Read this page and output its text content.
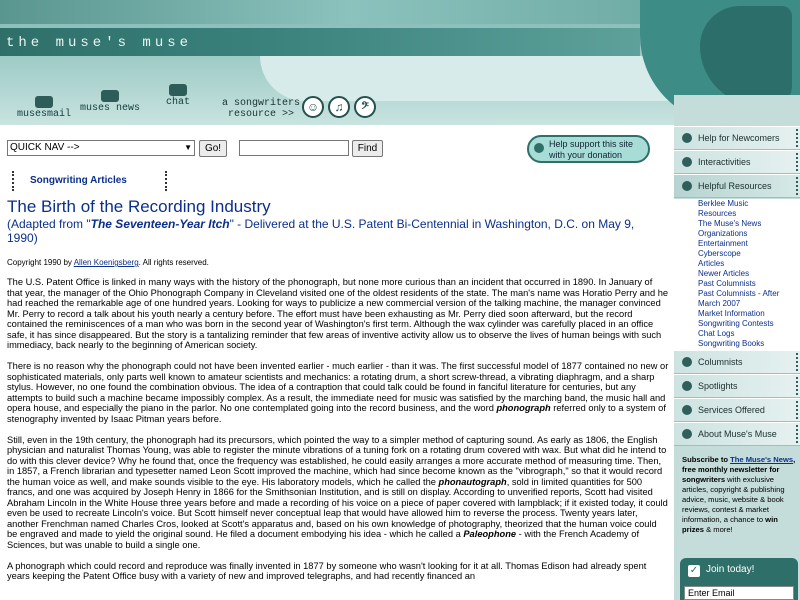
the muse's muse
musesmail
muses news
chat	a songwriters
resource >>
☺	♫	𝄢
QUICK NAV -->	▼	Go!	Find	Help support this site
with your donation
Songwriting Articles
The Birth of the Recording Industry
(Adapted from "The Seventeen-Year Itch" - Delivered at the U.S. Patent Bi-Centennial in Washington, D.C. on May 9, 1990)
Copyright 1990 by Allen Koenigsberg. All rights reserved.

The U.S. Patent Office is linked in many ways with the history of the phonograph, but none more curious than an incident that occurred in 1890. In January of that year, the manager of the Ohio Phonograph Company in Cleveland visited one of the oldest residents of the state. The man's name was Horatio Perry and he had reached the remarkable age of one hundred years. Looking for ways to publicize a new commercial version of the talking machine, the manager convinced Mr. Perry to record a talk about his youth nearly a century before. The effort must have been exhausting as Mr. Perry died soon afterward, but the record contained the reminiscences of a man who was born in the second year of Washington's first term. Although the wax cylinder was carefully placed in an office safe, it has since disappeared. But the story is a tantalizing reminder that few areas of inventive activity allow us to observe the lives of human beings with such immediacy, back nearly to the beginning of American society.

There is no reason why the phonograph could not have been invented earlier - much earlier - than it was. The first successful model of 1877 contained no new or sophisticated materials, only parts well known to amateur scientists and mechanics: a rotating drum, a short screw-thread, a vibrating diaphragm, and a sharp stylus. However, no one found the combination obvious. The idea of a contraption that could talk could be found in fanciful literature for centuries, but any attempts to build such a machine became impossibly complex. As a result, the immediate need for music was satisfied by the marching band, the music hall and opera house, and especially the piano in the parlor. No one contemplated going into the record business, and the word phonograph referred only to a system of stenography invented by Isaac Pitman years before.

Still, even in the 19th century, the phonograph had its precursors, which pointed the way to a simpler method of capturing sound. As early as 1806, the English physician and naturalist Thomas Young, was able to register the minute vibrations of a tuning fork on a rotating drum covered with wax. But what did he intend to do with this clever device? Why he found that, once the frequency was established, he could easily arranges a more accurate method of measuring time. Then, in 1857, a French librarian and typesetter named Leon Scott improved the machine, which had since become known as the "vibrograph," so that it would record the human voice as well, and make sounds visible to the eye. His laboratory models, which he called the phonautograph, sold in limited quantities for 500 francs, and one was acquired by Joseph Henry in 1866 for the Smithsonian Institution, and is still on display. According to unverified reports, Scott had visited Abraham Lincoln in the White House three years before and made a recording of his voice on a piece of paper covered with lampblack; if it existed today, it could even be used to recreate Lincoln's voice. But Scott himself never conceptual leap that would have allowed him to reverse the process. Twenty years later, another Frenchman named Charles Cros, looked at Scott's apparatus and, based on his own knowledge of photography, theorized that the human voice could be engraved and made to yield the original sound. He filed a document embodying his idea - which he called a Paleophone - with the French Academy of Sciences, but was unable to build a single one.

A phonograph which could record and reproduce was finally invented in 1877 by someone who wasn't looking for it at all. Thomas Edison had already spent years keeping the Patent Office busy with a variety of new and improved telegraphs, and had recently financed an

Help for Newcomers
Interactivities
Helpful Resources
Columnists
Spotlights
Services Offered
About Muse's Muse
Berklee Music
Resources
The Muse's News
Organizations
Entertainment
Cyberscope
Articles
Newer Articles
Past Columnists
Past Columnists - After
March 2007
Market Information
Songwriting Contests
Chat Logs
Songwriting Books
Subscribe to The Muse's News, free monthly newsletter for songwriters with exclusive articles, copyright & publishing advice, music, website & book reviews, contest & market information, a chance to win prizes & more!
✓ Join today!
Enter Email
